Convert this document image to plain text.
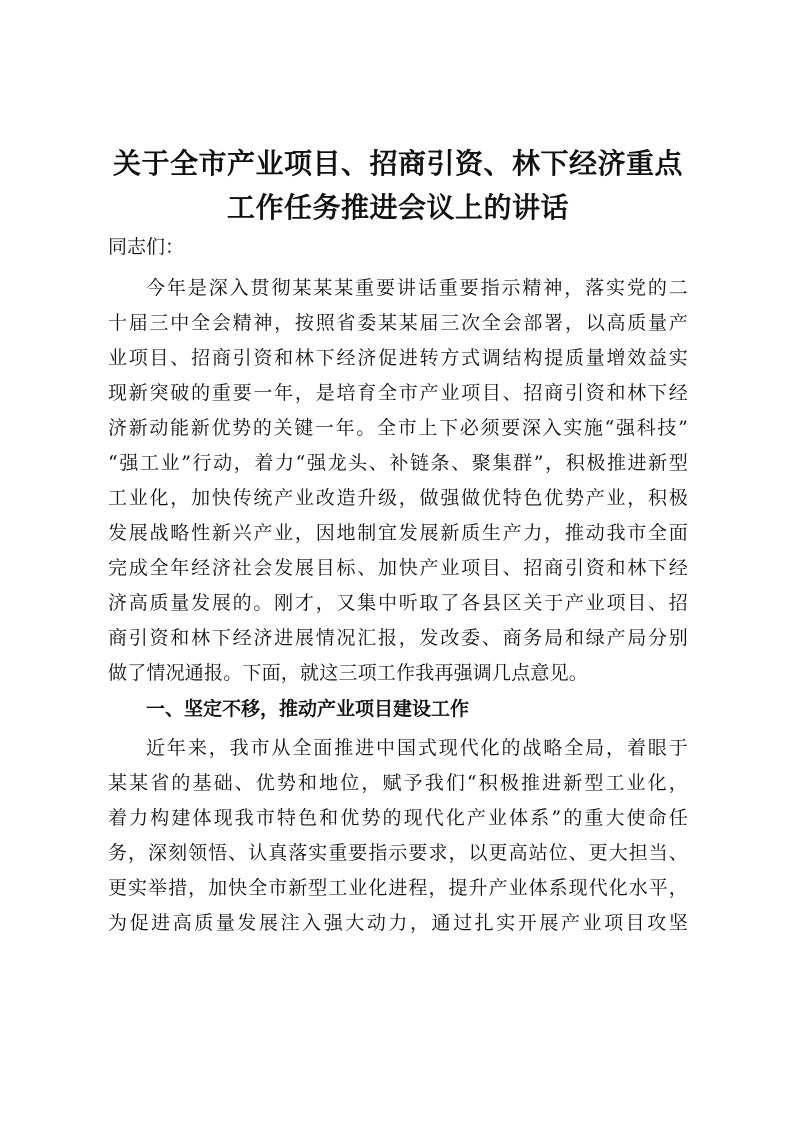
关于全市产业项目、招商引资、林下经济重点
工作任务推进会议上的讲话

同志们：

今年是深入贯彻某某某重要讲话重要指示精神，落实党的二
十届三中全会精神，按照省委某某届三次全会部署，以高质量产
业项目、招商引资和林下经济促进转方式调结构提质量增效益实
现新突破的重要一年，是培育全市产业项目、招商引资和林下经
济新动能新优势的关键一年。全市上下必须要深入实施“强科技”
“强工业”行动，着力“强龙头、补链条、聚集群”，积极推进新型
工业化，加快传统产业改造升级，做强做优特色优势产业，积极
发展战略性新兴产业，因地制宜发展新质生产力，推动我市全面
完成全年经济社会发展目标、加快产业项目、招商引资和林下经
济高质量发展的。刚才，又集中听取了各县区关于产业项目、招
商引资和林下经济进展情况汇报，发改委、商务局和绿产局分别
做了情况通报。下面，就这三项工作我再强调几点意见。
一、坚定不移，推动产业项目建设工作
近年来，我市从全面推进中国式现代化的战略全局，着眼于
某某省的基础、优势和地位，赋予我们“积极推进新型工业化，
着力构建体现我市特色和优势的现代化产业体系”的重大使命任
务，深刻领悟、认真落实重要指示要求，以更高站位、更大担当、
更实举措，加快全市新型工业化进程，提升产业体系现代化水平，
为促进高质量发展注入强大动力，通过扎实开展产业项目攻坚
